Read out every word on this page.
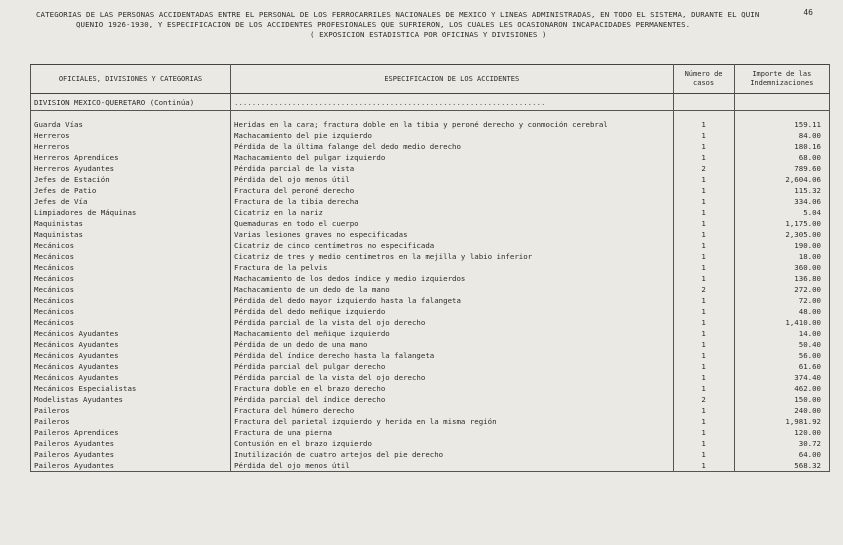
46
CATEGORIAS DE LAS PERSONAS ACCIDENTADAS ENTRE EL PERSONAL DE LOS FERROCARRILES NACIONALES DE MEXICO Y LINEAS ADMINISTRADAS, EN TODO EL SISTEMA, DURANTE EL QUIN
QUENIO 1926-1930, Y ESPECIFICACION DE LOS ACCIDENTES PROFESIONALES QUE SUFRIERON, LOS CUALES LES OCASIONARON INCAPACIDADES PERMANENTES.
( EXPOSICION ESTADISTICA POR OFICINAS Y DIVISIONES )
OFICIALES, DIVISIONES Y CATEGORIAS	ESPECIFICACION DE LOS ACCIDENTES	Número de casos	Importe de las Indemnizaciones
DIVISION MEXICO-QUERETARO (Continúa)	......................................................................		

Guarda Vías	Heridas en la cara; fractura doble en la tibia y peroné derecho y conmoción cerebral	1	159.11
Herreros	Machacamiento del pie izquierdo	1	84.00
Herreros	Pérdida de la última falange del dedo medio derecho	1	180.16
Herreros Aprendices	Machacamiento del pulgar izquierdo	1	68.00
Herreros Ayudantes	Pérdida parcial de la vista	2	789.60
Jefes de Estación	Pérdida del ojo menos útil	1	2,604.06
Jefes de Patio	Fractura del peroné derecho	1	115.32
Jefes de Vía	Fractura de la tibia derecha	1	334.06
Limpiadores de Máquinas	Cicatriz en la nariz	1	5.04
Maquinistas	Quemaduras en todo el cuerpo	1	1,175.00
Maquinistas	Varias lesiones graves no especificadas	1	2,305.00
Mecánicos	Cicatriz de cinco centímetros no especificada	1	190.00
Mecánicos	Cicatriz de tres y medio centímetros en la mejilla y labio inferior	1	18.00
Mecánicos	Fractura de la pelvis	1	360.00
Mecánicos	Machacamiento de los dedos índice y medio izquierdos	1	136.80
Mecánicos	Machacamiento de un dedo de la mano	2	272.00
Mecánicos	Pérdida del dedo mayor izquierdo hasta la falangeta	1	72.00
Mecánicos	Pérdida del dedo meñique izquierdo	1	48.00
Mecánicos	Pérdida parcial de la vista del ojo derecho	1	1,410.00
Mecánicos Ayudantes	Machacamiento del meñique izquierdo	1	14.00
Mecánicos Ayudantes	Pérdida de un dedo de una mano	1	50.40
Mecánicos Ayudantes	Pérdida del índice derecho hasta la falangeta	1	56.00
Mecánicos Ayudantes	Pérdida parcial del pulgar derecho	1	61.60
Mecánicos Ayudantes	Pérdida parcial de la vista del ojo derecho	1	374.40
Mecánicos Especialistas	Fractura doble en el brazo derecho	1	462.00
Modelistas Ayudantes	Pérdida parcial del índice derecho	2	150.00
Paileros	Fractura del húmero derecho	1	240.00
Paileros	Fractura del parietal izquierdo y herida en la misma región	1	1,981.92
Paileros Aprendices	Fractura de una pierna	1	120.00
Paileros Ayudantes	Contusión en el brazo izquierdo	1	30.72
Paileros Ayudantes	Inutilización de cuatro artejos del pie derecho	1	64.00
Paileros Ayudantes	Pérdida del ojo menos útil	1	568.32
